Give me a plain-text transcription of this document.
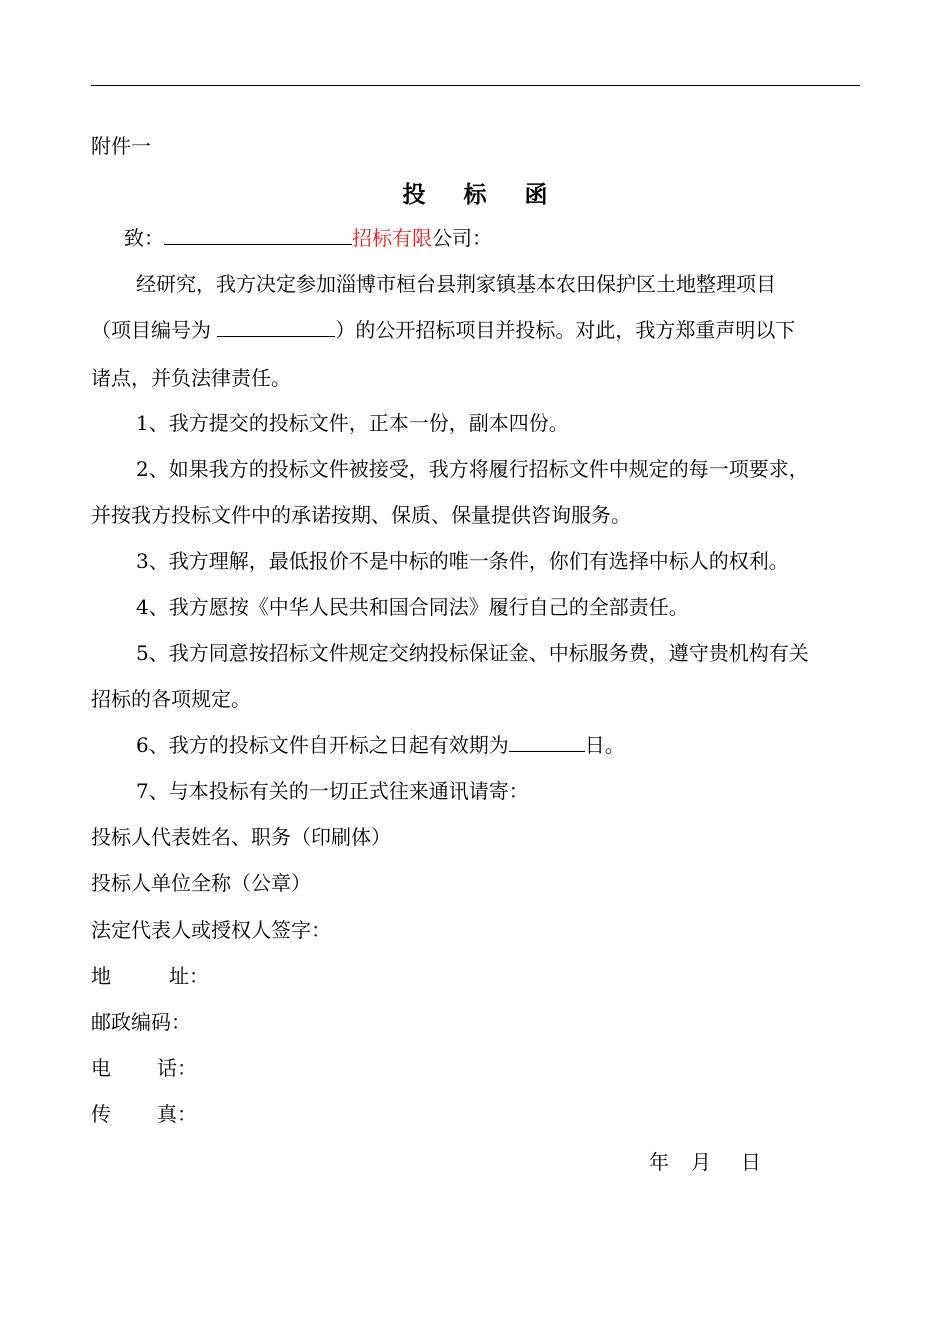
附件一
投 标 函
致：	招标有限公司：
经研究，我方决定参加淄博市桓台县荆家镇基本农田保护区土地整理项目
（项目编号为	）的公开招标项目并投标。对此，我方郑重声明以下
诸点，并负法律责任。
1、我方提交的投标文件，正本一份，副本四份。
2、如果我方的投标文件被接受，我方将履行招标文件中规定的每一项要求，
并按我方投标文件中的承诺按期、保质、保量提供咨询服务。
3、我方理解，最低报价不是中标的唯一条件，你们有选择中标人的权利。
4、我方愿按《中华人民共和国合同法》履行自己的全部责任。
5、我方同意按招标文件规定交纳投标保证金、中标服务费，遵守贵机构有关
招标的各项规定。
6、我方的投标文件自开标之日起有效期为	日。
7、与本投标有关的一切正式往来通讯请寄：
投标人代表姓名、职务（印刷体）
投标人单位全称（公章）
法定代表人或授权人签字：
地	址：
邮政编码：
电 话：
传 真：
年 月 日
